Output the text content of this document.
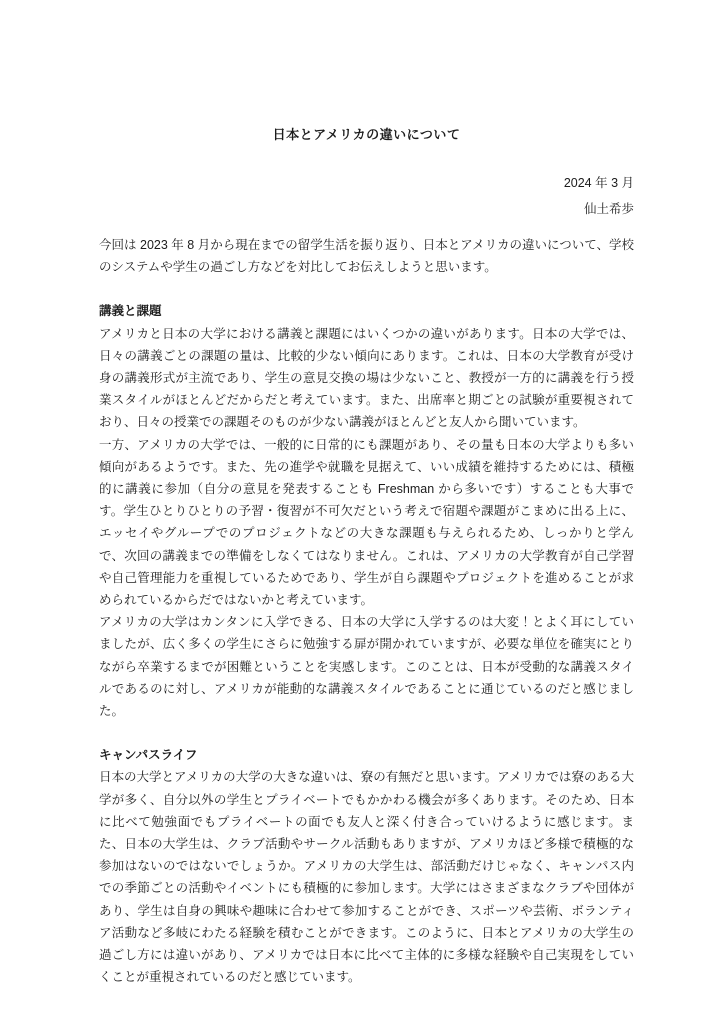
日本とアメリカの違いについて
2024 年 3 月
仙土希歩

今回は 2023 年 8 月から現在までの留学生活を振り返り、日本とアメリカの違いについて、学校のシステムや学生の過ごし方などを対比してお伝えしようと思います。

講義と課題

アメリカと日本の大学における講義と課題にはいくつかの違いがあります。日本の大学では、日々の講義ごとの課題の量は、比較的少ない傾向にあります。これは、日本の大学教育が受け身の講義形式が主流であり、学生の意見交換の場は少ないこと、教授が一方的に講義を行う授業スタイルがほとんどだからだと考えています。また、出席率と期ごとの試験が重要視されており、日々の授業での課題そのものが少ない講義がほとんどと友人から聞いています。

一方、アメリカの大学では、一般的に日常的にも課題があり、その量も日本の大学よりも多い傾向があるようです。また、先の進学や就職を見据えて、いい成績を維持するためには、積極的に講義に参加（自分の意見を発表することも Freshman から多いです）することも大事です。学生ひとりひとりの予習・復習が不可欠だという考えで宿題や課題がこまめに出る上に、エッセイやグループでのプロジェクトなどの大きな課題も与えられるため、しっかりと学んで、次回の講義までの準備をしなくてはなりません。これは、アメリカの大学教育が自己学習や自己管理能力を重視しているためであり、学生が自ら課題やプロジェクトを進めることが求められているからだではないかと考えています。

アメリカの大学はカンタンに入学できる、日本の大学に入学するのは大変！とよく耳にしていましたが、広く多くの学生にさらに勉強する扉が開かれていますが、必要な単位を確実にとりながら卒業するまでが困難ということを実感します。このことは、日本が受動的な講義スタイルであるのに対し、アメリカが能動的な講義スタイルであることに通じているのだと感じました。

キャンパスライフ

日本の大学とアメリカの大学の大きな違いは、寮の有無だと思います。アメリカでは寮のある大学が多く、自分以外の学生とプライベートでもかかわる機会が多くあります。そのため、日本に比べて勉強面でもプライベートの面でも友人と深く付き合っていけるように感じます。また、日本の大学生は、クラブ活動やサークル活動もありますが、アメリカほど多様で積極的な参加はないのではないでしょうか。アメリカの大学生は、部活動だけじゃなく、キャンパス内での季節ごとの活動やイベントにも積極的に参加します。大学にはさまざまなクラブや団体があり、学生は自身の興味や趣味に合わせて参加することができ、スポーツや芸術、ボランティア活動など多岐にわたる経験を積むことができます。このように、日本とアメリカの大学生の過ごし方には違いがあり、アメリカでは日本に比べて主体的に多様な経験や自己実現をしていくことが重視されているのだと感じています。
